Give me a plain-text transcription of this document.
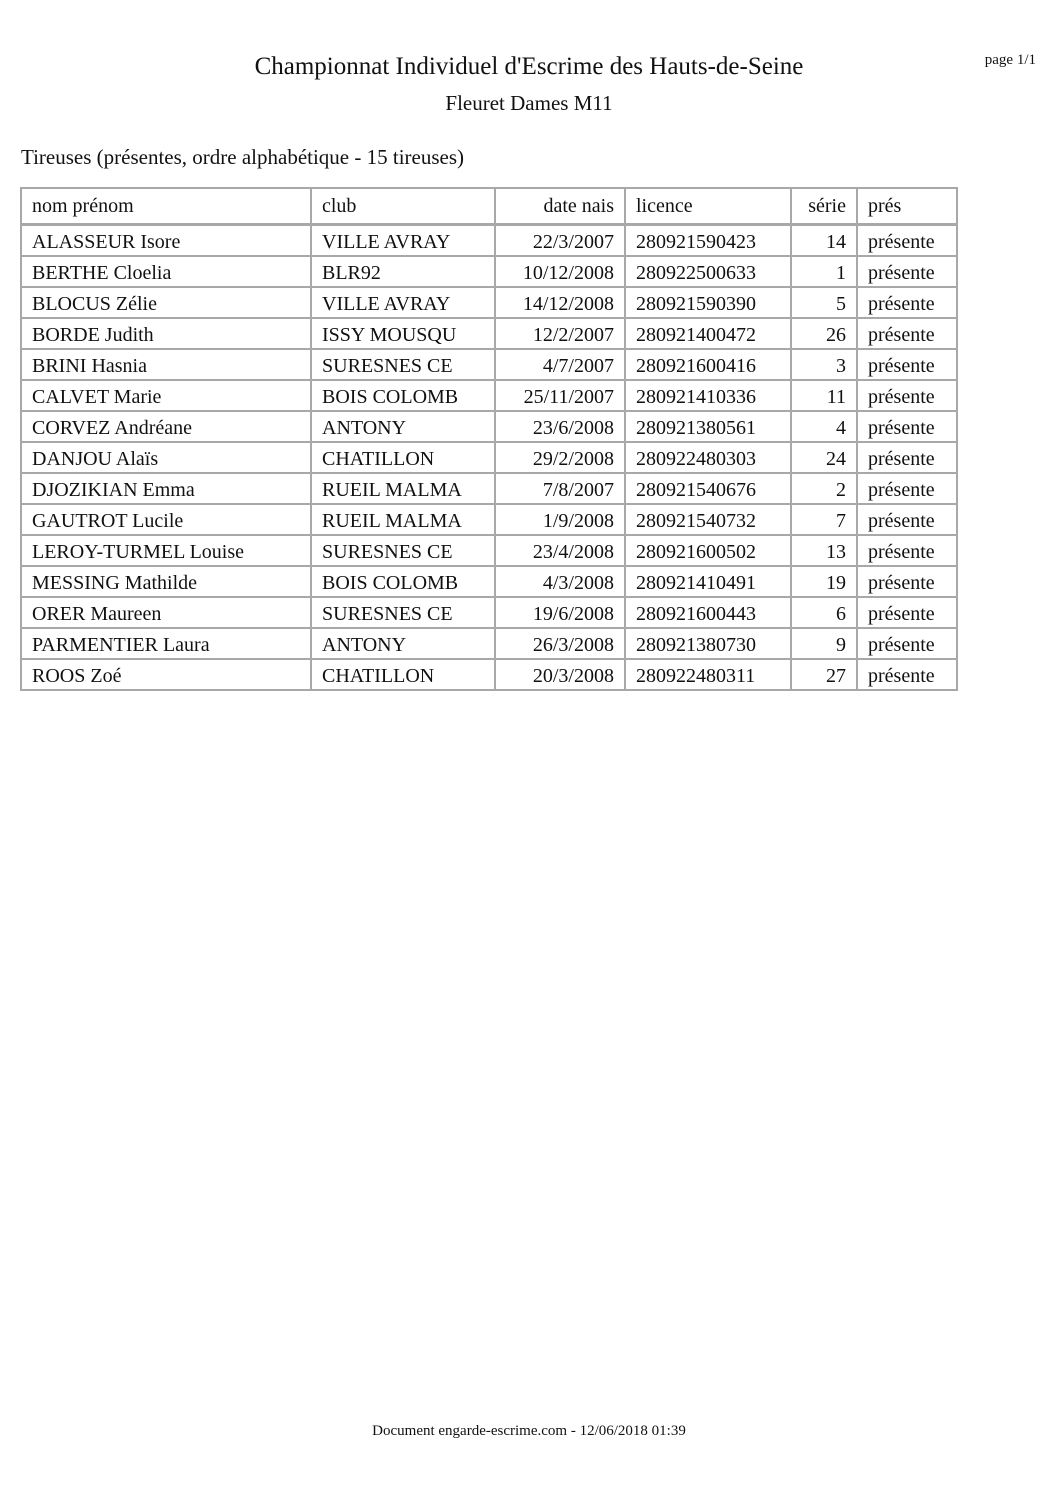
page 1/1
Championnat Individuel d'Escrime des Hauts-de-Seine
Fleuret Dames M11
Tireuses (présentes, ordre alphabétique - 15 tireuses)
nom prénom	club	date nais	licence	série	prés
ALASSEUR Isore	VILLE AVRAY	22/3/2007	280921590423	14	présente
BERTHE Cloelia	BLR92	10/12/2008	280922500633	1	présente
BLOCUS Zélie	VILLE AVRAY	14/12/2008	280921590390	5	présente
BORDE Judith	ISSY MOUSQU	12/2/2007	280921400472	26	présente
BRINI Hasnia	SURESNES CE	4/7/2007	280921600416	3	présente
CALVET Marie	BOIS COLOMB	25/11/2007	280921410336	11	présente
CORVEZ Andréane	ANTONY	23/6/2008	280921380561	4	présente
DANJOU Alaïs	CHATILLON	29/2/2008	280922480303	24	présente
DJOZIKIAN Emma	RUEIL MALMA	7/8/2007	280921540676	2	présente
GAUTROT Lucile	RUEIL MALMA	1/9/2008	280921540732	7	présente
LEROY-TURMEL Louise	SURESNES CE	23/4/2008	280921600502	13	présente
MESSING Mathilde	BOIS COLOMB	4/3/2008	280921410491	19	présente
ORER Maureen	SURESNES CE	19/6/2008	280921600443	6	présente
PARMENTIER Laura	ANTONY	26/3/2008	280921380730	9	présente
ROOS Zoé	CHATILLON	20/3/2008	280922480311	27	présente
Document engarde-escrime.com - 12/06/2018 01:39
